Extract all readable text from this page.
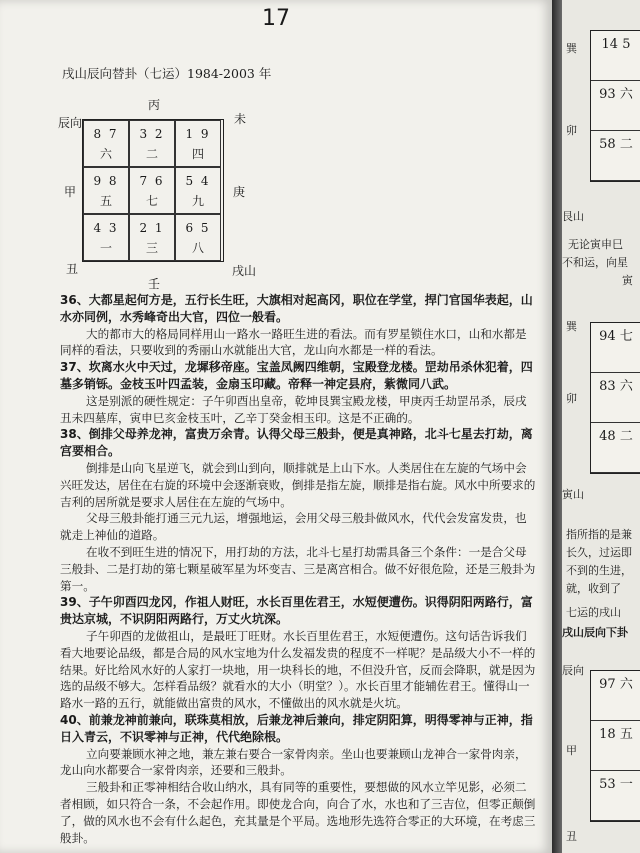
17
戌山辰向替卦（七运）1984-2003 年
丙
未
辰向
甲	庚
丑	戌山
壬
8 7
六
3 2
二
1 9
四
9 8
五
7 6
七
5 4
九
4 3
一
2 1
三
6 5
八

36、大都星起何方是，五行长生旺，大旗相对起高冈，职位在学堂，捍门官国华表起，山水亦同例，水秀峰奇出大官，四位一般看。

大的都市大的格局同样用山一路水一路旺生进的看法。而有罗星锁住水口，山和水都是同样的看法，只要收到的秀丽山水就能出大官，龙山向水都是一样的看法。

37、坎离水火中天过，龙墀移帝座。宝盖凤阙四维朝，宝殿登龙楼。罡劫吊杀休犯着，四墓多销铄。金枝玉叶四孟装，金扇玉印藏。帝释一神定县府，紫微同八武。

这是别派的硬性规定：子午卯酉出皇帝，乾坤艮巽宝殿龙楼，甲庚丙壬劫罡吊杀，辰戌丑未四墓库，寅申巳亥金枝玉叶，乙辛丁癸金相玉印。这是不正确的。

38、倒排父母养龙神，富贵万余青。认得父母三般卦，便是真神路，北斗七星去打劫，离宫要相合。

倒排是山向飞星逆飞，就会到山到向，顺排就是上山下水。人类居住在左旋的气场中会兴旺发达，居住在右旋的环境中会逐渐衰败，倒排是指左旋，顺排是指右旋。风水中所要求的吉利的居所就是要求人居住在左旋的气场中。

父母三般卦能打通三元九运，增强地运，会用父母三般卦做风水，代代会发富发贵，也就走上神仙的道路。

在收不到旺生进的情况下，用打劫的方法，北斗七星打劫需具备三个条件：一是合父母三般卦、二是打劫的第七颗星破军星为坏变吉、三是离宫相合。做不好很危险，还是三般卦为第一。

39、子午卯酉四龙冈，作祖人财旺，水长百里佐君王，水短便遭伤。识得阴阳两路行，富贵达京城，不识阴阳两路行，万丈火坑深。

子午卯酉的龙做祖山，是最旺丁旺财。水长百里佐君王，水短便遭伤。这句话告诉我们看大地要论品级，都是合局的风水宝地为什么发福发贵的程度不一样呢？是品级大小不一样的结果。好比给风水好的人家打一块地，用一块科长的地，不但没升官，反而会降职，就是因为选的品级不够大。怎样看品级？就看水的大小（明堂？）。水长百里才能辅佐君王。懂得山一路水一路的五行，就能做出富贵的风水，不懂做出的风水就是火坑。

40、前兼龙神前兼向，联珠莫相放，后兼龙神后兼向，排定阴阳算，明得零神与正神，指日入青云，不识零神与正神，代代绝除根。

立向要兼顾水神之地，兼左兼右要合一家骨肉亲。坐山也要兼顾山龙神合一家骨肉亲，龙山向水都要合一家骨肉亲，还要和三般卦。

三般卦和正零神相结合收山纳水，具有同等的重要性，要想做的风水立竿见影，必须二者相顾，如只符合一条，不会起作用。即使龙合向，向合了水，水也和了三吉位，但零正颠倒了，做的风水也不会有什么起色，充其量是个平局。选地形先选符合零正的大环境，在考虑三般卦。

14 5
93 六
58 二
巽
卯
艮山
无论寅申巳
不和运，向星
寅
94 七
83 六
48 二
巽
卯
寅山
指所指的是兼
长久，过运即
不到的生进，
就，收到了
七运的戌山
戌山辰向下卦
97 六
18 五
53 一
辰向
甲
丑
